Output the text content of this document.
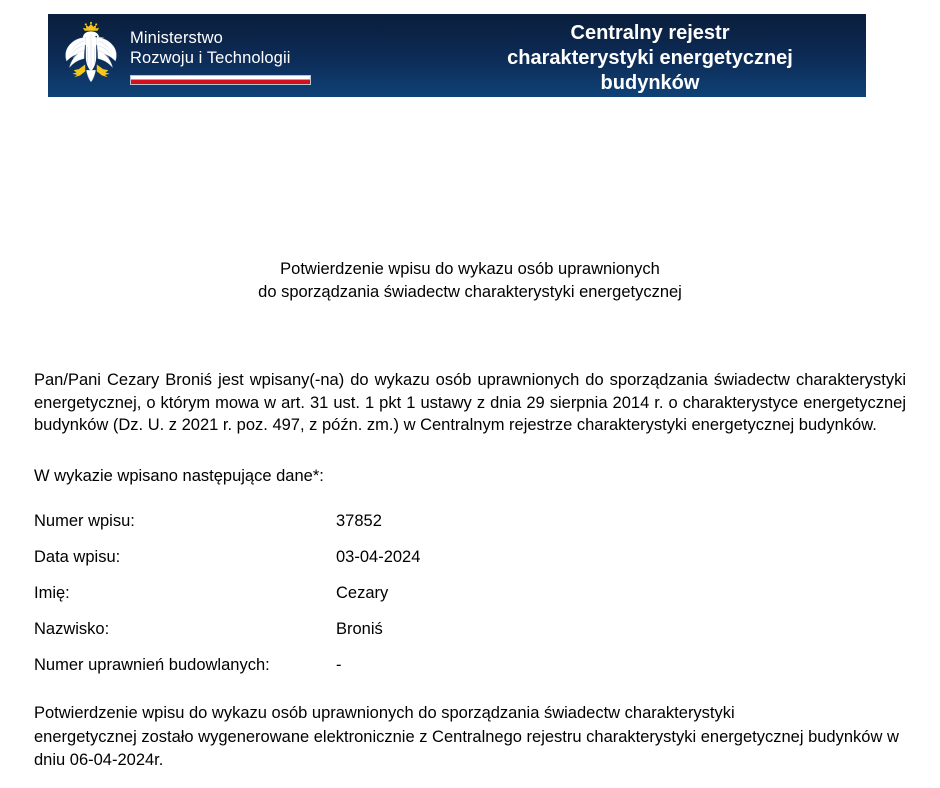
Ministerstwo
Rozwoju i Technologii
Centralny rejestr
charakterystyki energetycznej
budynków
Potwierdzenie wpisu do wykazu osób uprawnionych
do sporządzania świadectw charakterystyki energetycznej
Pan/Pani Cezary Broniś jest wpisany(-na) do wykazu osób uprawnionych do sporządzania świadectw charakterystyki energetycznej, o którym mowa w art. 31 ust. 1 pkt 1 ustawy z dnia 29 sierpnia 2014 r. o charakterystyce energetycznej budynków (Dz. U. z 2021 r. poz. 497, z późn. zm.) w Centralnym rejestrze charakterystyki energetycznej budynków.
W wykazie wpisano następujące dane*:
Numer wpisu:	37852
Data wpisu:	03-04-2024
Imię:	Cezary
Nazwisko:	Broniś
Numer uprawnień budowlanych:	-
Potwierdzenie wpisu do wykazu osób uprawnionych do sporządzania świadectw charakterystyki
energetycznej zostało wygenerowane elektronicznie z Centralnego rejestru charakterystyki energetycznej budynków w dniu 06-04-2024r.
